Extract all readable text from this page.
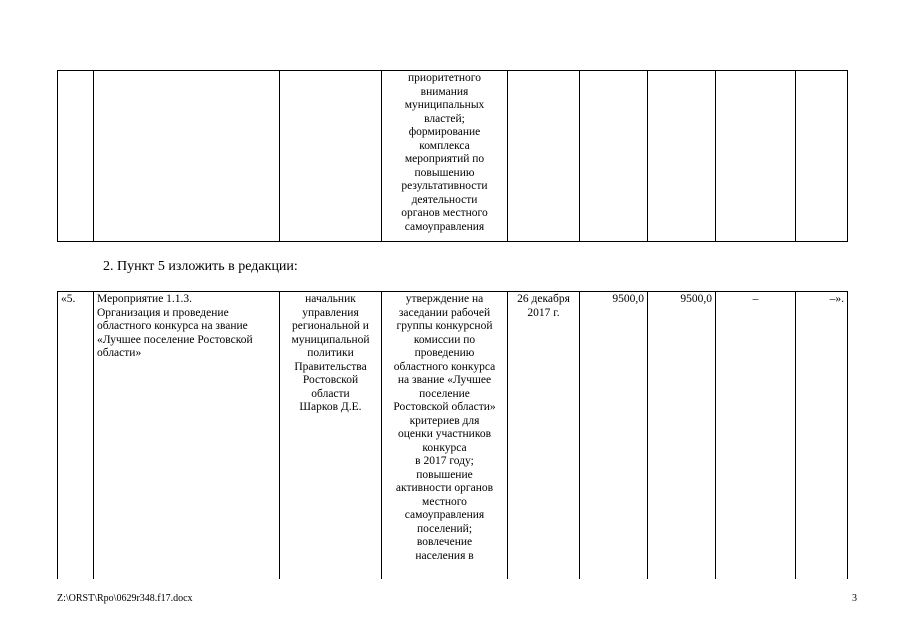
			приоритетного
внимания
муниципальных
властей;
формирование
комплекса
мероприятий по
повышению
результативности
деятельности
органов местного
самоуправления					

2. Пункт 5 изложить в редакции:

«5.	Мероприятие 1.1.3.
Организация и проведение
областного конкурса на звание
«Лучшее поселение Ростовской
области»	начальник
управления
региональной и
муниципальной
политики
Правительства
Ростовской
области
Шарков Д.Е.	утверждение на
заседании рабочей
группы конкурсной
комиссии по
проведению
областного конкурса
на звание «Лучшее
поселение
Ростовской области»
критериев для
оценки участников
конкурса
в 2017 году;
повышение
активности органов
местного
самоуправления
поселений;
вовлечение
населения в	26 декабря
2017 г.	9500,0	9500,0	–	–».
Z:\ORST\Rpo\0629r348.f17.docx	3
